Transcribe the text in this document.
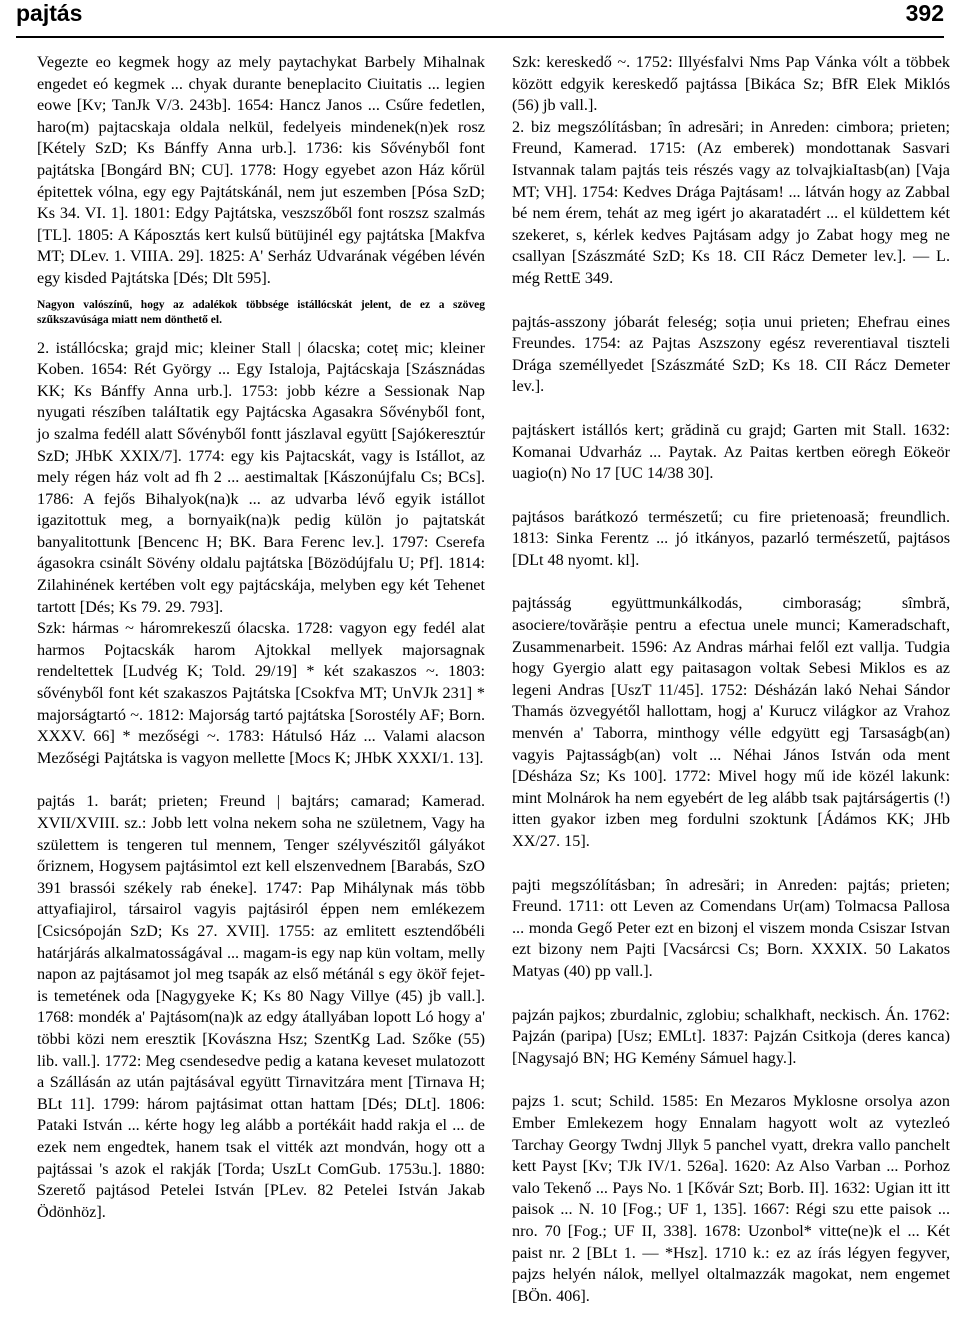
pajtás	392

Vegezte eo kegmek hogy az mely paytachykat Barbely Mihalnak engedet eó kegmek ... chyak durante beneplacito Ciuitatis ... legien eowe [Kv; TanJk V/3. 243b]. 1654: Hancz Janos ... Csűre fedetlen, haro(m) pajtacskaja oldala nelkül, fedelyeis mindenek(n)ek rosz [Kétely SzD; Ks Bánffy Anna urb.]. 1736: kis Sővényből font pajtátska [Bongárd BN; CU]. 1778: Hogy egyebet azon Ház kőrül épitettek vólna, egy egy Pajtátskánál, nem jut eszemben [Pósa SzD; Ks 34. VI. 1]. 1801: Edgy Pajtátska, veszszőből font roszsz szalmás [TL]. 1805: A Káposztás kert kulsű bütüjinél egy pajtátska [Makfva MT; DLev. 1. VIIIA. 29]. 1825: A' Serház Udvarának végében lévén egy kisded Pajtátska [Dés; Dlt 595].

Nagyon valószínű, hogy az adalékok többsége istállócskát jelent, de ez a szöveg szűkszavúsága miatt nem dönthető el.

2. istállócska; grajd mic; kleiner Stall | ólacska; coteț mic; kleiner Koben. 1654: Rét György ... Egy Istaloja, Pajtácskaja [Szásznádas KK; Ks Bánffy Anna urb.]. 1753: jobb kézre a Sessionak Nap nyugati részíben taláItatik egy Pajtácska Agasakra Sővényből font, jo szalma fedéll alatt Sővényből fontt jászlaval együtt [Sajókeresztúr SzD; JHbK XXIX/7]. 1774: egy kis Pajtacskát, vagy is Istállot, az mely régen ház volt ad fh 2 ... aestimaltak [Kászonújfalu Cs; BCs]. 1786: A fejős Bihalyok(na)k ... az udvarba lévő egyik istállot igazitottuk meg, a bornyaik(na)k pedig külön jo pajtatskát banyalitottunk [Bencenc H; BK. Bara Ferenc lev.]. 1797: Cserefa ágasokra csinált Sövény oldalu pajtátska [Bözödújfalu U; Pf]. 1814: Zilahinének kertében volt egy pajtácskája, melyben egy két Tehenet tartott [Dés; Ks 79. 29. 793].

Szk: hármas ~ háromrekeszű ólacska. 1728: vagyon egy fedél alat harmos Pojtacskák harom Ajtokkal mellyek majorsagnak rendeltettek [Ludvég K; Told. 29/19] * két szakaszos ~. 1803: sővényből font két szakaszos Pajtátska [Csokfva MT; UnVJk 231] * majorságtartó ~. 1812: Majorság tartó pajtátska [Sorostély AF; Born. XXXV. 66] * mezőségi ~. 1783: Hátulsó Ház ... Valami alacson Mezőségi Pajtátska is vagyon mellette [Mocs K; JHbK XXXI/1. 13].

pajtás 1. barát; prieten; Freund | bajtárs; camarad; Kamerad. XVII/XVIII. sz.: Jobb lett volna nekem soha ne születnem, Vagy ha születtem is tengeren tul mennem, Tenger szélyvészitől gályákot őriznem, Hogysem pajtásimtol ezt kell elszenvednem [Barabás, SzO 391 brassói székely rab éneke]. 1747: Pap Mihálynak más több attyafiajirol, társairol vagyis pajtásiról éppen nem emlékezem [Csicsópoján SzD; Ks 27. XVII]. 1755: az emlitett esztendőbéli határjárás alkalmatosságával ... magam-is egy nap kün voltam, melly napon az pajtásamot jol meg tsapák az első métánál s egy ököř fejet-is temetének oda [Nagygyeke K; Ks 80 Nagy Villye (45) jb vall.]. 1768: mondék a' Pajtásom(na)k az edgy átallyában lopott Ló hogy a' többi közi nem eresztik [Kovászna Hsz; SzentKg Lad. Szőke (55) lib. vall.]. 1772: Meg csendesedve pedig a katana keveset mulatozott a Szállásán az után pajtásával együtt Tirnavitzára ment [Tirnava H; BLt 11]. 1799: három pajtásimat ottan hattam [Dés; DLt]. 1806: Pataki István ... kérte hogy leg alább a portékáit hadd rakja el ... de ezek nem engedtek, hanem tsak el vitték azt mondván, hogy ott a pajtássai 's azok el rakják [Torda; UszLt ComGub. 1753u.]. 1880: Szerető pajtásod Petelei István [PLev. 82 Petelei István Jakab Ödönhöz].

Szk: kereskedő ~. 1752: Illyésfalvi Nms Pap Vánka vólt a többek között edgyik kereskedő pajtássa [Bikáca Sz; BfR Elek Miklós (56) jb vall.].

2. biz megszólításban; în adresări; in Anreden: cimbora; prieten; Freund, Kamerad. 1715: (Az emberek) mondottanak Sasvari Istvannak talam pajtás teis részés vagy az tolvajkiaItasb(an) [Vaja MT; VH]. 1754: Kedves Drága Pajtásam! ... látván hogy az Zabbal bé nem érem, tehát az meg igért jo akaratadért ... el küldettem két szekeret, s, kérlek kedves Pajtásam adgy jo Zabat hogy meg ne csallyan [Szászmáté SzD; Ks 18. CII Rácz Demeter lev.]. — L. még RettE 349.

pajtás-asszony jóbarát feleség; soția unui prieten; Ehefrau eines Freundes. 1754: az Pajtas Aszszony egész reverentiaval tiszteli Drága személlyedet [Szászmáté SzD; Ks 18. CII Rácz Demeter lev.].

pajtáskert istállós kert; grădină cu grajd; Garten mit Stall. 1632: Komanai Udvarház ... Paytak. Az Paitas kertben eöregh Eökeör uagio(n) No 17 [UC 14/38 30].

pajtásos barátkozó természetű; cu fire prietenoasă; freundlich. 1813: Sinka Ferentz ... jó itkányos, pazarló természetű, pajtásos [DLt 48 nyomt. kl].

pajtásság együttmunkálkodás, cimboraság; sîmbră, asociere/tovărășie pentru a efectua unele munci; Kameradschaft, Zusammenarbeit. 1596: Az Andras márhai felől ezt vallja. Tudgia hogy Gyergio alatt egy paitasagon voltak Sebesi Miklos es az legeni Andras [UszT 11/45]. 1752: Désházán lakó Nehai Sándor Thamás özvegyétől hallottam, hogj a' Kurucz világkor az Vrahoz menvén a' Taborra, minthogy vélle edgyütt egj Tarsaságb(an) vagyis Pajtasságb(an) volt ... Néhai János István oda ment [Désháza Sz; Ks 100]. 1772: Mivel hogy mű ide közél lakunk: mint Molnárok ha nem egyebért de leg alább tsak pajtárságertis (!) itten gyakor izben meg fordulni szoktunk [Ádámos KK; JHb XX/27. 15].

pajti megszólításban; în adresări; in Anreden: pajtás; prieten; Freund. 1711: ott Leven az Comendans Ur(am) Tolmacsa Pallosa ... monda Gegő Peter ezt en bizonj el viszem monda Csiszar Istvan ezt bizony nem Pajti [Vacsárcsi Cs; Born. XXXIX. 50 Lakatos Matyas (40) pp vall.].

pajzán pajkos; zburdalnic, zglobiu; schalkhaft, neckisch. Án. 1762: Pajzán (paripa) [Usz; EMLt]. 1837: Pajzán Csitkoja (deres kanca) [Nagysajó BN; HG Kemény Sámuel hagy.].

pajzs 1. scut; Schild. 1585: En Mezaros Myklosne orsolya azon Ember Emlekezem hogy Ennalam hagyott wolt az vytezleó Tarchay Georgy Twdnj Jllyk 5 panchel vyatt, drekra vallo panchelt kett Payst [Kv; TJk IV/1. 526a]. 1620: Az Also Varban ... Porhoz valo Tekenő ... Pays No. 1 [Kővár Szt; Borb. II]. 1632: Ugian itt itt paisok ... N. 10 [Fog.; UF 1, 135]. 1667: Régi szu ette paisok ... nro. 70 [Fog.; UF II, 338]. 1678: Uzonbol* vitte(ne)k el ... Két paist nr. 2 [BLt 1. — *Hsz]. 1710 k.: ez az írás légyen fegyver, pajzs helyén nálok, mellyel oltalmazzák magokat, nem engemet [BÖn. 406].
